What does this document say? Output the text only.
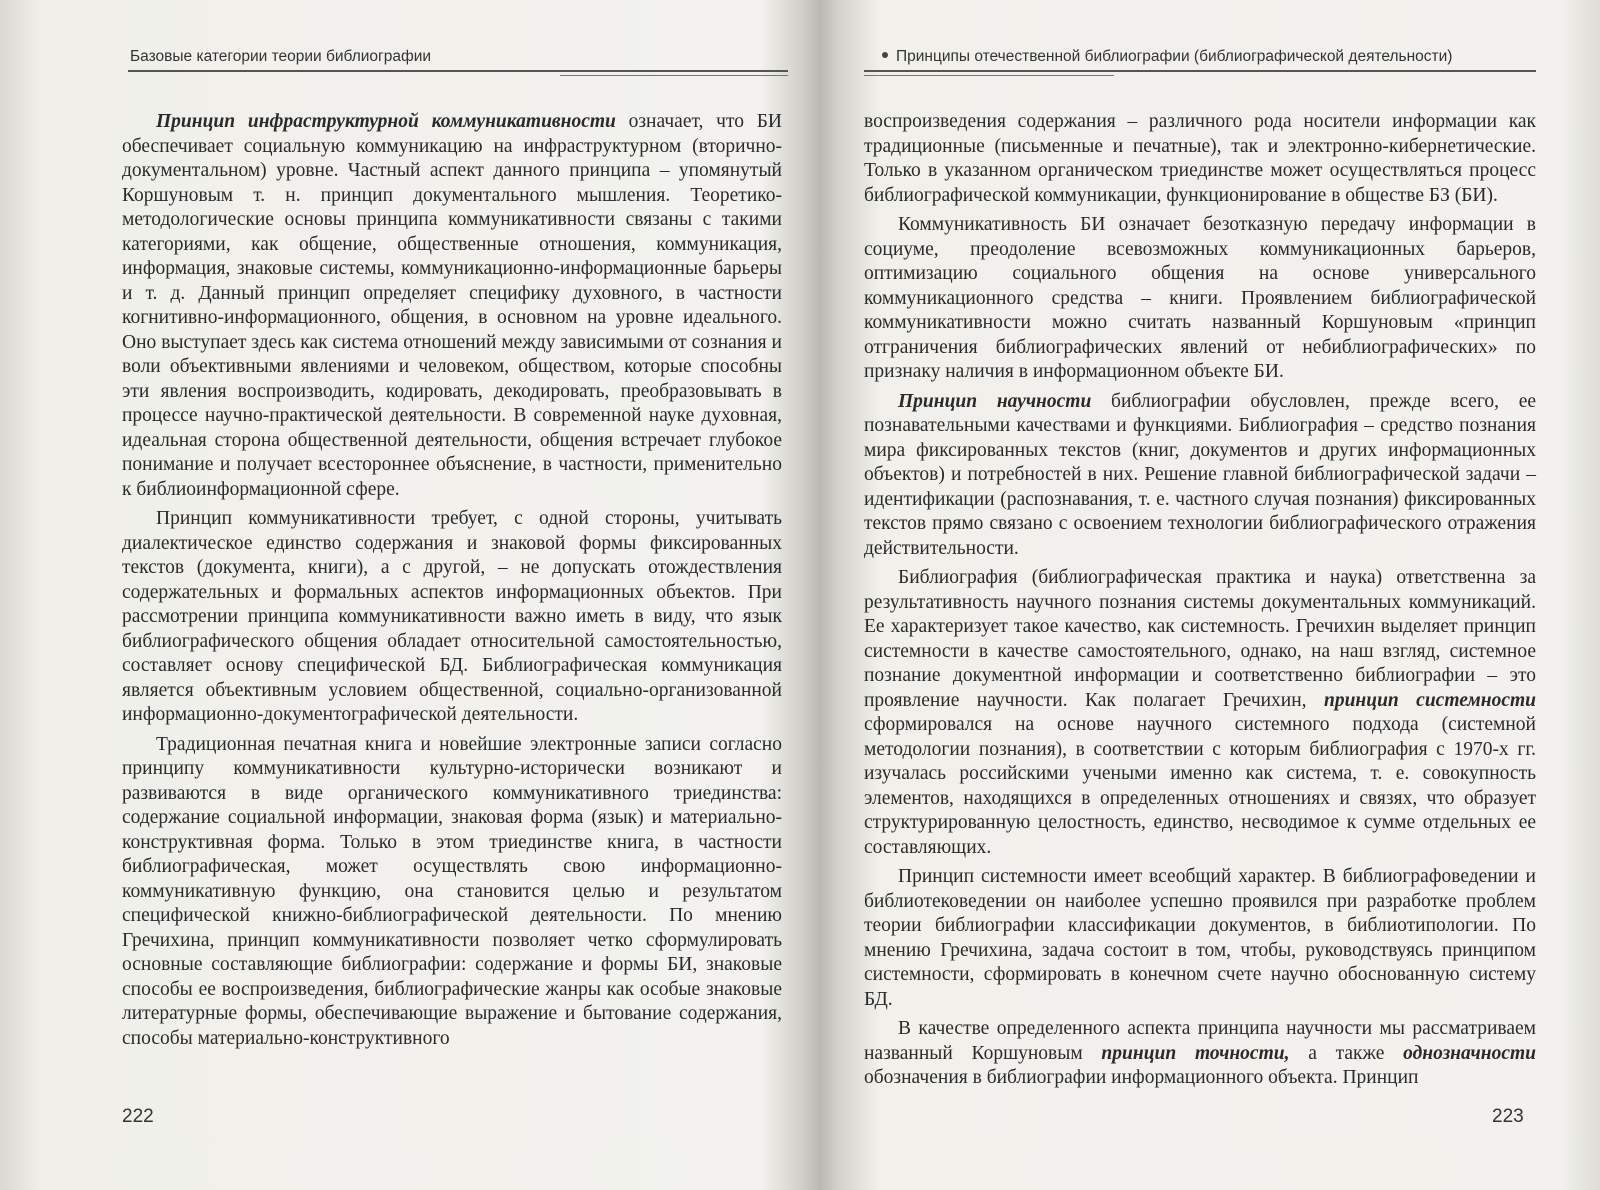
Базовые категории теории библиографии

Принцип инфраструктурной коммуникативности означает, что БИ обеспечивает социальную коммуникацию на инфраструктурном (вторично-документальном) уровне. Частный аспект данного принципа – упомянутый Коршуновым т. н. принцип документального мышления. Теоретико-методологические основы принципа коммуникативности связаны с такими категориями, как общение, общественные отношения, коммуникация, информация, знаковые системы, коммуникационно-информационные барьеры и т. д. Данный принцип определяет специфику духовного, в частности когнитивно-информационного, общения, в основном на уровне идеального. Оно выступает здесь как система отношений между зависимыми от сознания и воли объективными явлениями и человеком, обществом, которые способны эти явления воспроизводить, кодировать, декодировать, преобразовывать в процессе научно-практической деятельности. В современной науке духовная, идеальная сторона общественной деятельности, общения встречает глубокое понимание и получает всестороннее объяснение, в частности, применительно к библиоинформационной сфере.

Принцип коммуникативности требует, с одной стороны, учитывать диалектическое единство содержания и знаковой формы фиксированных текстов (документа, книги), а с другой, – не допускать отождествления содержательных и формальных аспектов информационных объектов. При рассмотрении принципа коммуникативности важно иметь в виду, что язык библиографического общения обладает относительной самостоятельностью, составляет основу специфической БД. Библиографическая коммуникация является объективным условием общественной, социально-организованной информационно-документографической деятельности.

Традиционная печатная книга и новейшие электронные записи согласно принципу коммуникативности культурно-исторически возникают и развиваются в виде органического коммуникативного триединства: содержание социальной информации, знаковая форма (язык) и материально-конструктивная форма. Только в этом триединстве книга, в частности библиографическая, может осуществлять свою информационно-коммуникативную функцию, она становится целью и результатом специфической книжно-библиографической деятельности. По мнению Гречихина, принцип коммуникативности позволяет четко сформулировать основные составляющие библиографии: содержание и формы БИ, знаковые способы ее воспроизведения, библиографические жанры как особые знаковые литературные формы, обеспечивающие выражение и бытование содержания, способы материально-конструктивного

222
Принципы отечественной библиографии (библиографической деятельности)

воспроизведения содержания – различного рода носители информации как традиционные (письменные и печатные), так и электронно-кибернетические. Только в указанном органическом триединстве может осуществляться процесс библиографической коммуникации, функционирование в обществе БЗ (БИ).

Коммуникативность БИ означает безотказную передачу информации в социуме, преодоление всевозможных коммуникационных барьеров, оптимизацию социального общения на основе универсального коммуникационного средства – книги. Проявлением библиографической коммуникативности можно считать названный Коршуновым «принцип отграничения библиографических явлений от небиблиографических» по признаку наличия в информационном объекте БИ.

Принцип научности библиографии обусловлен, прежде всего, ее познавательными качествами и функциями. Библиография – средство познания мира фиксированных текстов (книг, документов и других информационных объектов) и потребностей в них. Решение главной библиографической задачи – идентификации (распознавания, т. е. частного случая познания) фиксированных текстов прямо связано с освоением технологии библиографического отражения действительности.

Библиография (библиографическая практика и наука) ответственна за результативность научного познания системы документальных коммуникаций. Ее характеризует такое качество, как системность. Гречихин выделяет принцип системности в качестве самостоятельного, однако, на наш взгляд, системное познание документной информации и соответственно библиографии – это проявление научности. Как полагает Гречихин, принцип системности сформировался на основе научного системного подхода (системной методологии познания), в соответствии с которым библиография с 1970-х гг. изучалась российскими учеными именно как система, т. е. совокупность элементов, находящихся в определенных отношениях и связях, что образует структурированную целостность, единство, несводимое к сумме отдельных ее составляющих.

Принцип системности имеет всеобщий характер. В библиографоведении и библиотековедении он наиболее успешно проявился при разработке проблем теории библиографии классификации документов, в библиотипологии. По мнению Гречихина, задача состоит в том, чтобы, руководствуясь принципом системности, сформировать в конечном счете научно обоснованную систему БД.

В качестве определенного аспекта принципа научности мы рассматриваем названный Коршуновым принцип точности, а также однозначности обозначения в библиографии информационного объекта. Принцип

223
